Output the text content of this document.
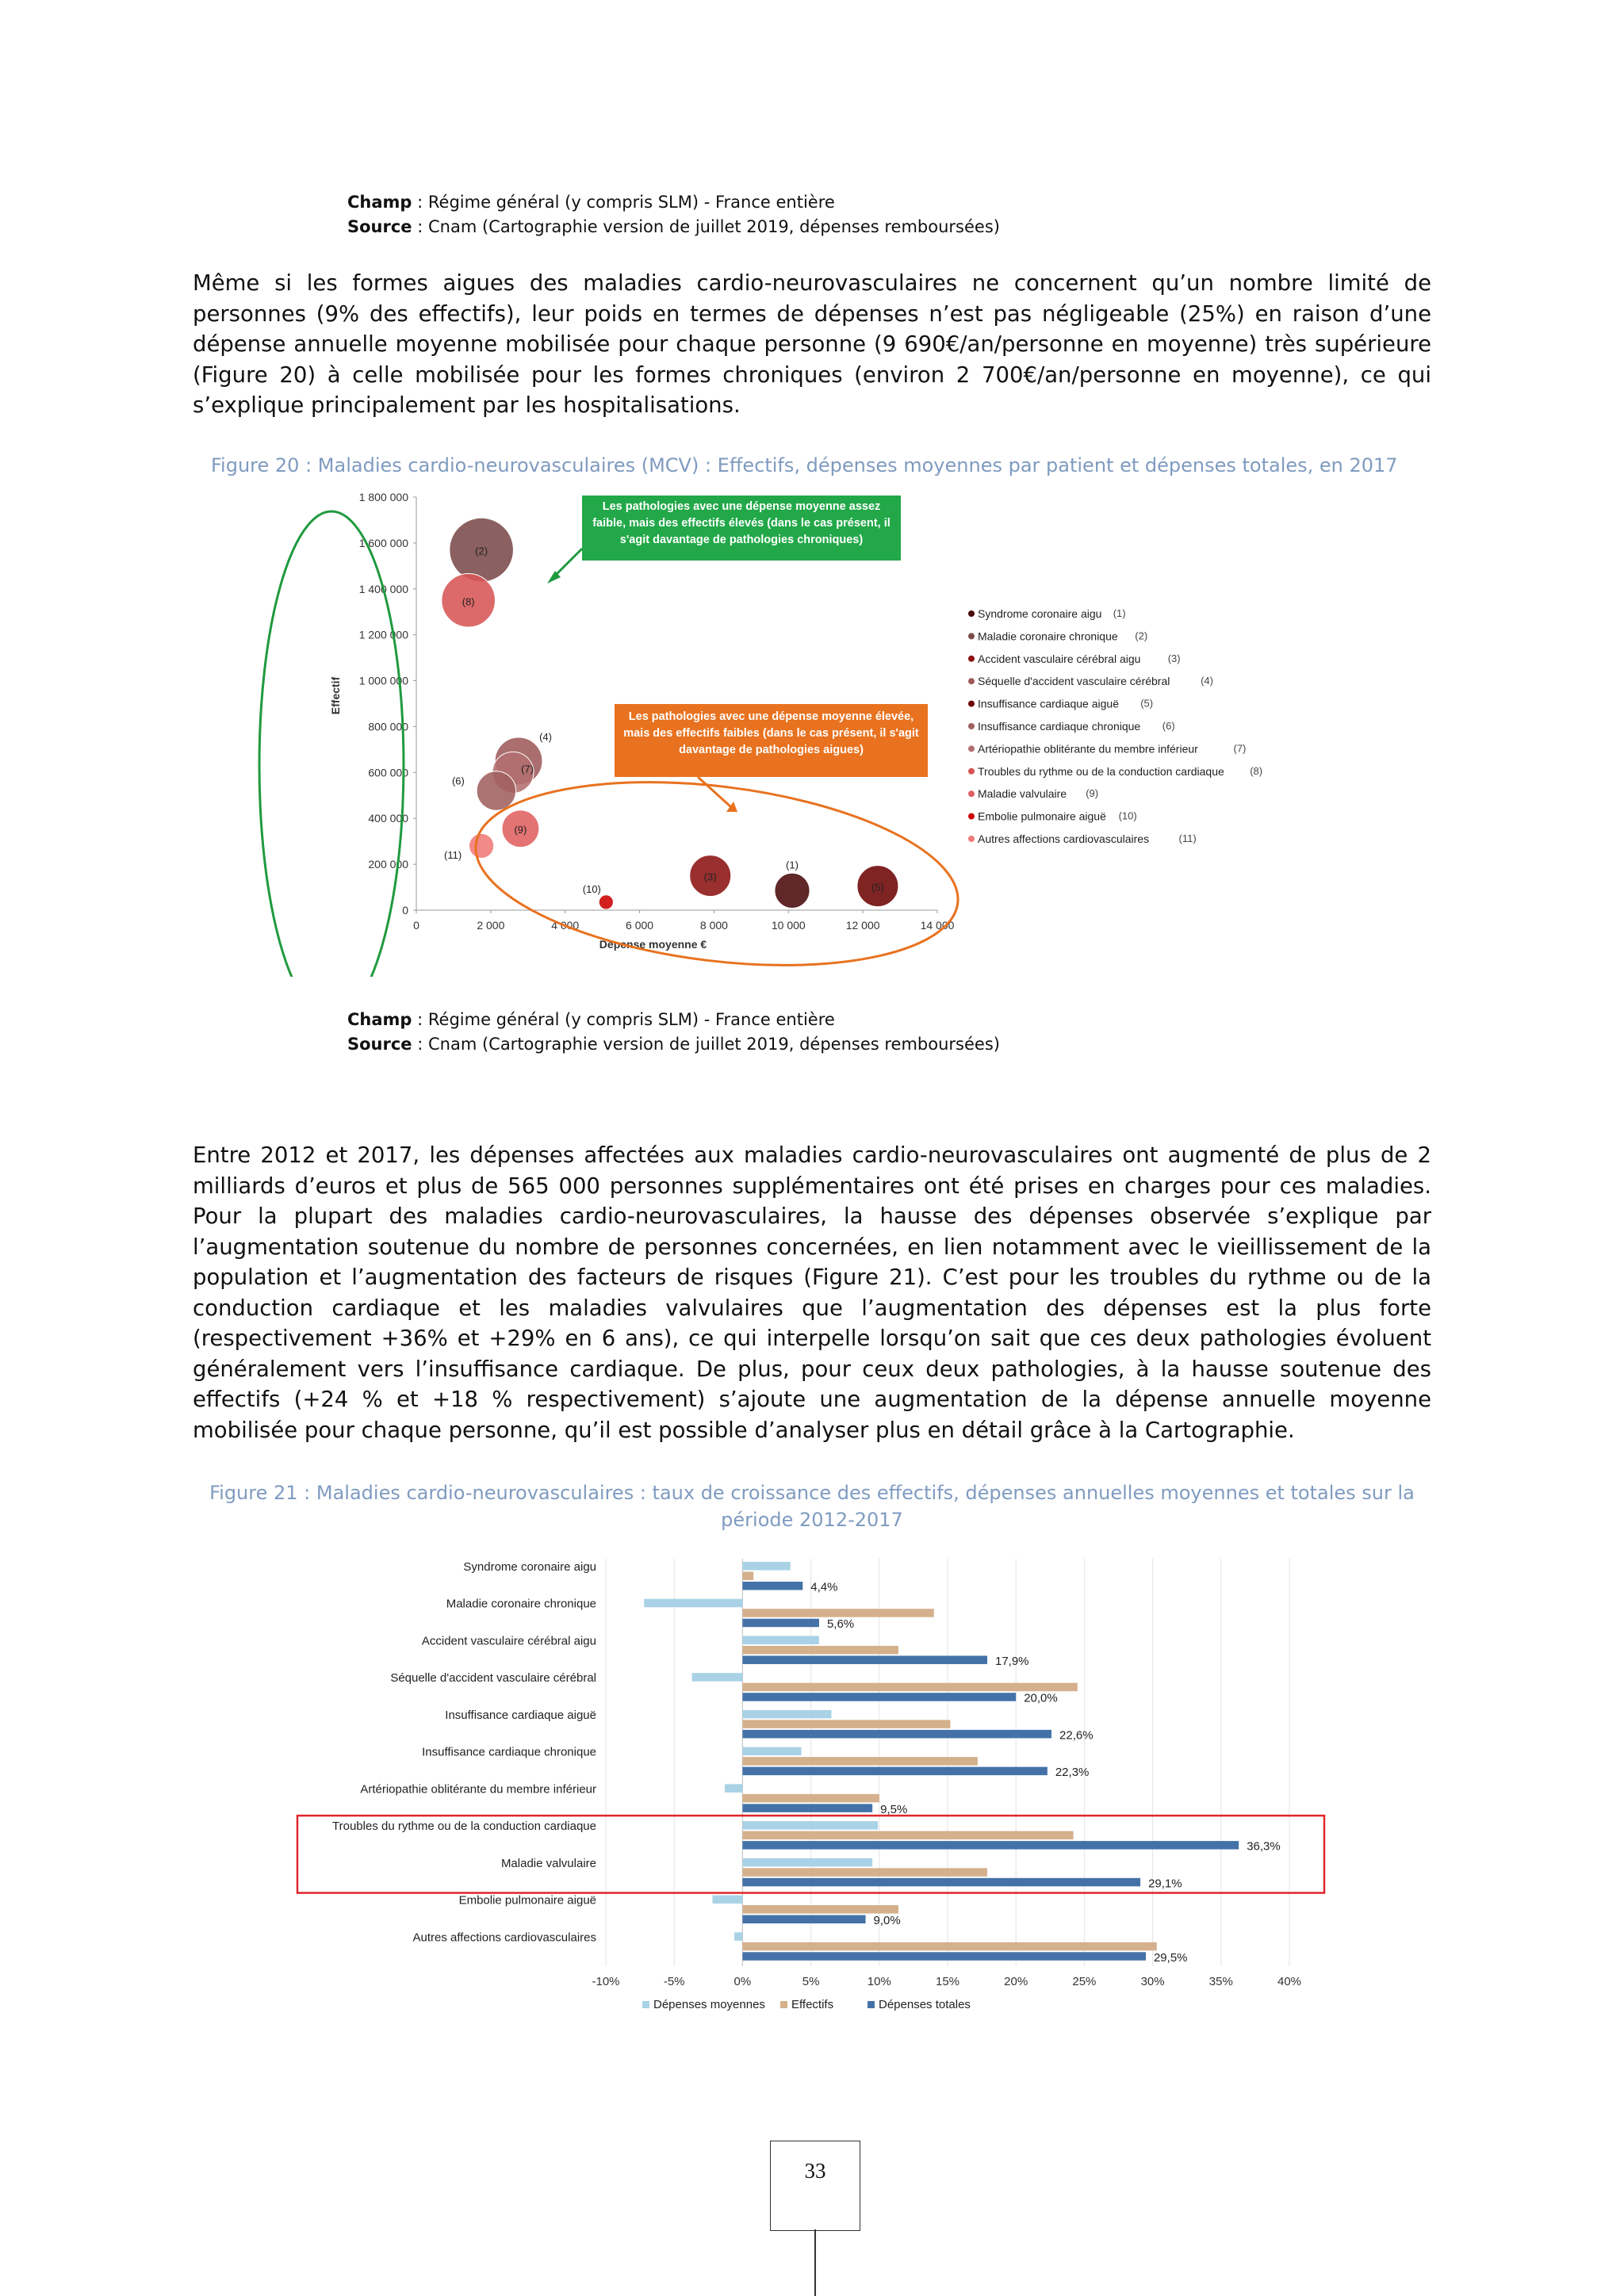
Champ : Régime général (y compris SLM) - France entière
Source : Cnam (Cartographie version de juillet 2019, dépenses remboursées)
Même si les formes aigues des maladies cardio-neurovasculaires ne concernent qu’un nombre limité de personnes (9% des effectifs), leur poids en termes de dépenses n’est pas négligeable (25%) en raison d’une dépense annuelle moyenne mobilisée pour chaque personne (9 690€/an/personne en moyenne) très supérieure (Figure 20) à celle mobilisée pour les formes chroniques (environ 2 700€/an/personne en moyenne), ce qui s’explique principalement par les hospitalisations.
Figure 20 : Maladies cardio-neurovasculaires (MCV) : Effectifs, dépenses moyennes par patient et dépenses totales, en 2017
0
200 000
400 000
600 000
800 000
1 000 000
1 200 000
1 400 000
1 600 000
1 800 000
0	2 000	4 000	6 000	8 000	10 000	12 000	14 000
Dépense moyenne €
Effectif
(1)
(2)
(3)
(4)
(5)
(6)
(7)
(8)
(9)
(10)
(11)
Les pathologies avec une dépense moyenne assez faible, mais des effectifs élevés (dans le cas présent, il s'agit davantage de pathologies chroniques)
Les pathologies avec une dépense moyenne élevée, mais des effectifs faibles (dans le cas présent, il s'agit davantage de pathologies aigues)
Syndrome coronaire aigu (1)
Maladie coronaire chronique (2)
Accident vasculaire cérébral aigu	(3)
Séquelle d'accident vasculaire cérébral	(4)
Insuffisance cardiaque aiguë (5)
Insuffisance cardiaque chronique (6)
Artériopathie oblitérante du membre inférieur	(7)
Troubles du rythme ou de la conduction cardiaque (8)
Maladie valvulaire (9)
Embolie pulmonaire aiguë (10)
Autres affections cardiovasculaires	(11)
Champ : Régime général (y compris SLM) - France entière
Source : Cnam (Cartographie version de juillet 2019, dépenses remboursées)
Entre 2012 et 2017, les dépenses affectées aux maladies cardio-neurovasculaires ont augmenté de plus de 2 milliards d’euros et plus de 565 000 personnes supplémentaires ont été prises en charges pour ces maladies. Pour la plupart des maladies cardio-neurovasculaires, la hausse des dépenses observée s’explique par l’augmentation soutenue du nombre de personnes concernées, en lien notamment avec le vieillissement de la population et l’augmentation des facteurs de risques (Figure 21). C’est pour les troubles du rythme ou de la conduction cardiaque et les maladies valvulaires que l’augmentation des dépenses est la plus forte (respectivement +36% et +29% en 6 ans), ce qui interpelle lorsqu’on sait que ces deux pathologies évoluent généralement vers l’insuffisance cardiaque. De plus, pour ceux deux pathologies, à la hausse soutenue des effectifs (+24 % et +18 % respectivement) s’ajoute une augmentation de la dépense annuelle moyenne mobilisée pour chaque personne, qu’il est possible d’analyser plus en détail grâce à la Cartographie.
Figure 21 : Maladies cardio-neurovasculaires : taux de croissance des effectifs, dépenses annuelles moyennes et totales sur la
période 2012-2017
-10%	-5%	0%	5%	10%	15%	20%	25%	30%	35%	40%
Syndrome coronaire aigu
4,4%
Maladie coronaire chronique
5,6%
Accident vasculaire cérébral aigu
17,9%
Séquelle d'accident vasculaire cérébral
20,0%
Insuffisance cardiaque aiguë
22,6%
Insuffisance cardiaque chronique
22,3%
Artériopathie oblitérante du membre inférieur
9,5%
Troubles du rythme ou de la conduction cardiaque
36,3%
Maladie valvulaire
29,1%
Embolie pulmonaire aiguë
9,0%
Autres affections cardiovasculaires
29,5%
Dépenses moyennes Effectifs	Dépenses totales
33
